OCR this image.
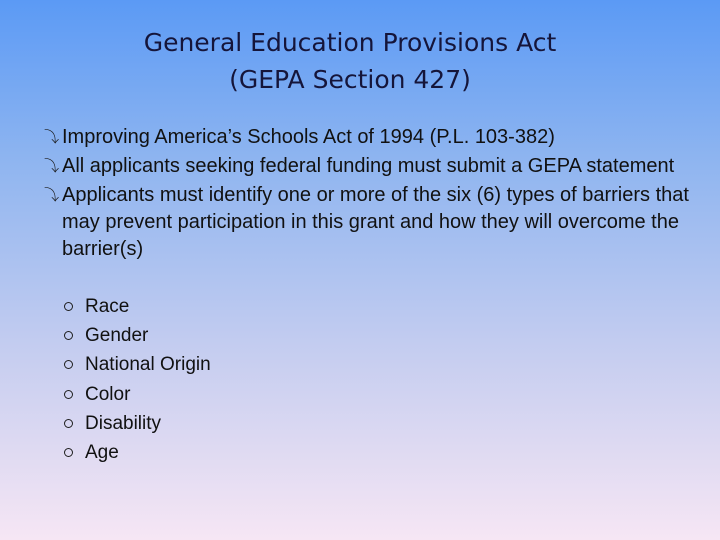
General Education Provisions Act
(GEPA Section 427)
⤵ Improving America’s Schools Act of 1994 (P.L. 103-382)
⤵ All applicants seeking federal funding must submit a GEPA statement
⤵ Applicants must identify one or more of the six (6) types of barriers that may prevent participation in this grant and how they will overcome the barrier(s)
Race
Gender
National Origin
Color
Disability
Age
